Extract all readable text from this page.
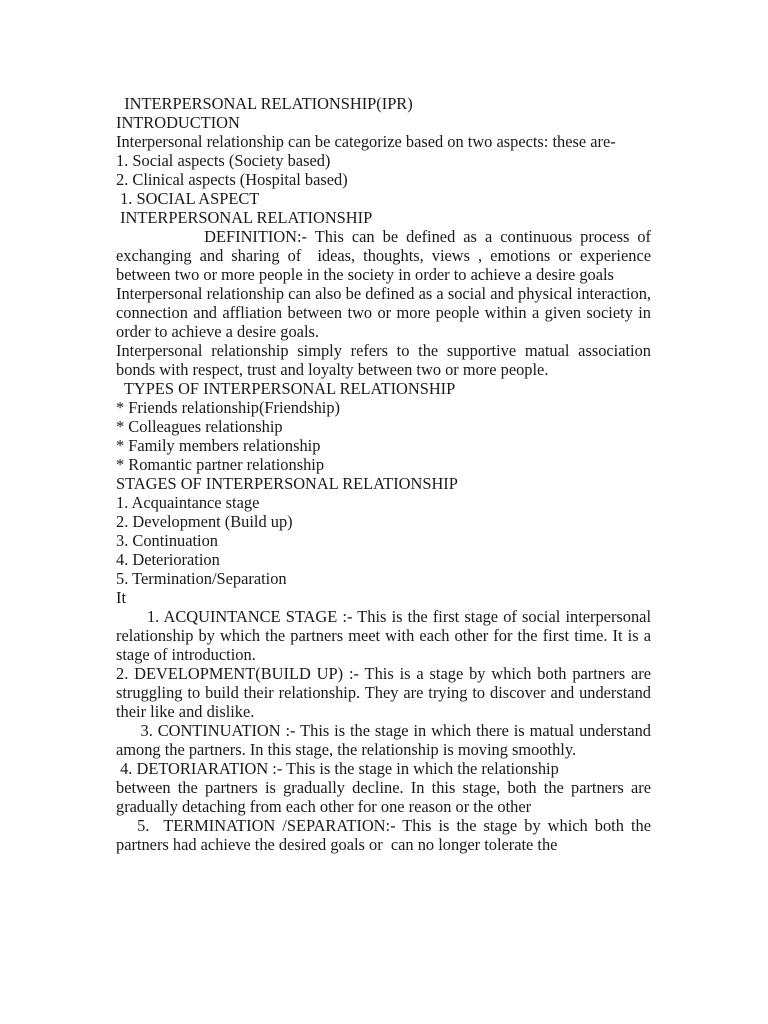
INTERPERSONAL RELATIONSHIP(IPR)
INTRODUCTION
Interpersonal relationship can be categorize based on two aspects: these are-
1. Social aspects (Society based)
2. Clinical aspects (Hospital based)
1. SOCIAL ASPECT
INTERPERSONAL RELATIONSHIP
DEFINITION:- This can be defined as a continuous process of exchanging and sharing of  ideas, thoughts, views , emotions or experience between two or more people in the society in order to achieve a desire goals
Interpersonal relationship can also be defined as a social and physical interaction, connection and affliation between two or more people within a given society in order to achieve a desire goals.
Interpersonal relationship simply refers to the supportive matual association bonds with respect, trust and loyalty between two or more people.
TYPES OF INTERPERSONAL RELATIONSHIP
* Friends relationship(Friendship)
* Colleagues relationship
* Family members relationship
* Romantic partner relationship
STAGES OF INTERPERSONAL RELATIONSHIP
1. Acquaintance stage
2. Development (Build up)
3. Continuation
4. Deterioration
5. Termination/Separation
It
1. ACQUINTANCE STAGE :- This is the first stage of social interpersonal relationship by which the partners meet with each other for the first time. It is a stage of introduction.
2. DEVELOPMENT(BUILD UP) :- This is a stage by which both partners are struggling to build their relationship. They are trying to discover and understand their like and dislike.
3. CONTINUATION :- This is the stage in which there is matual understand among the partners. In this stage, the relationship is moving smoothly.
4. DETORIARATION :- This is the stage in which the relationship
between the partners is gradually decline. In this stage, both the partners are gradually detaching from each other for one reason or the other
5.  TERMINATION /SEPARATION:- This is the stage by which both the partners had achieve the desired goals or  can no longer tolerate the
